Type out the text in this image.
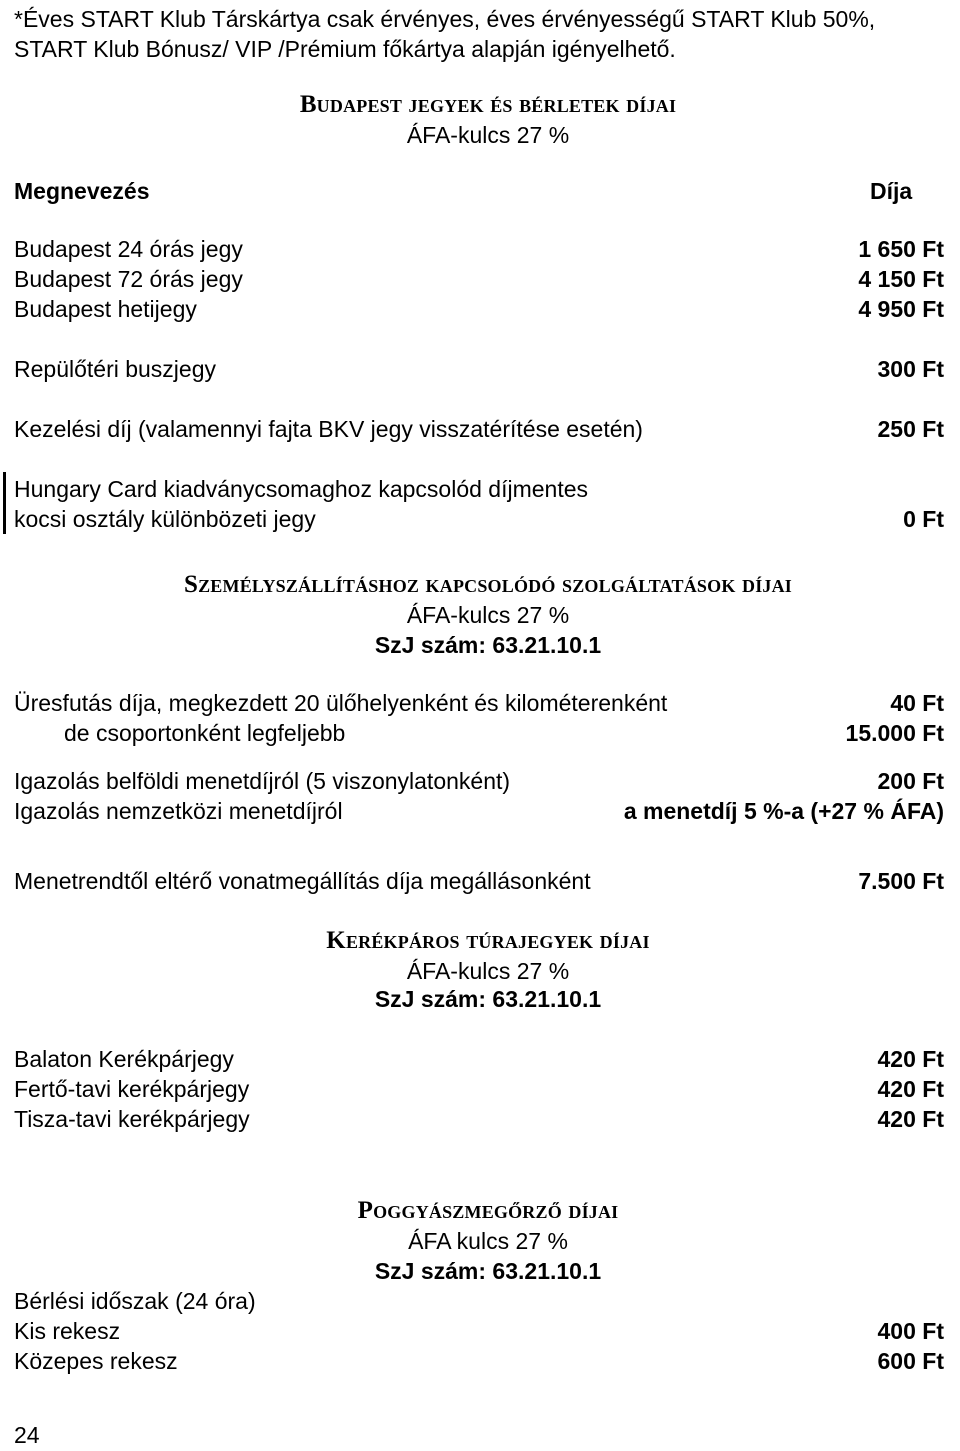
*Éves START Klub Társkártya csak érvényes, éves érvényességű START Klub 50%,
START Klub Bónusz/ VIP /Prémium főkártya alapján igényelhető.
Budapest jegyek és bérletek díjai
ÁFA-kulcs 27 %
Megnevezés	Díja
Budapest 24 órás jegy	1 650 Ft
Budapest 72 órás jegy	4 150 Ft
Budapest hetijegy	4 950 Ft
Repülőtéri buszjegy	300 Ft
Kezelési díj (valamennyi fajta BKV jegy visszatérítése esetén)	250 Ft
Hungary Card kiadványcsomaghoz kapcsolód díjmentes
kocsi osztály különbözeti jegy	0 Ft
Személyszállításhoz kapcsolódó szolgáltatások díjai
ÁFA-kulcs 27 %
SzJ szám: 63.21.10.1
Üresfutás díja, megkezdett 20 ülőhelyenként és kilométerenként	40 Ft
de csoportonként legfeljebb	15.000 Ft
Igazolás belföldi menetdíjról (5 viszonylatonként)	200 Ft
Igazolás nemzetközi menetdíjról	a menetdíj 5 %-a (+27 % ÁFA)
Menetrendtől eltérő vonatmegállítás díja megállásonként	7.500 Ft
Kerékpáros túrajegyek díjai
ÁFA-kulcs 27 %
SzJ szám: 63.21.10.1
Balaton Kerékpárjegy	420 Ft
Fertő-tavi kerékpárjegy	420 Ft
Tisza-tavi kerékpárjegy	420 Ft
Poggyászmegőrző díjai
ÁFA kulcs 27 %
SzJ szám: 63.21.10.1
Bérlési időszak (24 óra)
Kis rekesz	400 Ft
Közepes rekesz	600 Ft
24
